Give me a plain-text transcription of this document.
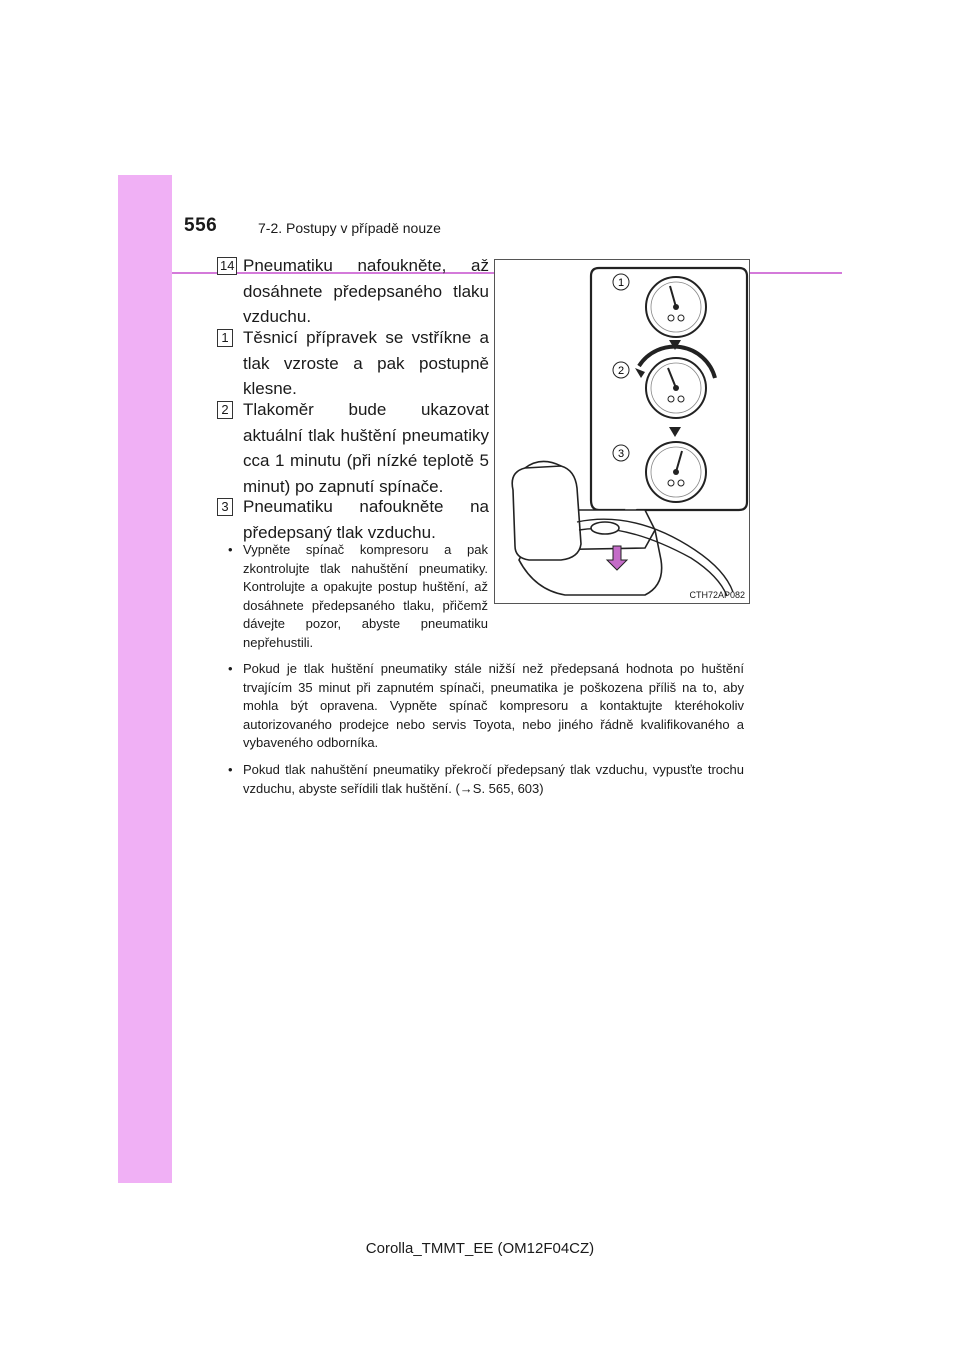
556	7-2. Postupy v případě nouze
14 Pneumatiku nafoukněte, až dosáhnete předepsaného tlaku vzduchu.
1 Těsnicí přípravek se vstříkne a tlak vzroste a pak postupně klesne.
2 Tlakoměr bude ukazovat aktuální tlak huštění pneumatiky cca 1 minutu (při nízké teplotě 5 minut) po zapnutí spínače.
3 Pneumatiku nafoukněte na předepsaný tlak vzduchu.
• Vypněte spínač kompresoru a pak zkontrolujte tlak nahuštění pneumatiky. Kontrolujte a opakujte postup huštění, až dosáhnete předepsaného tlaku, přičemž dávejte pozor, abyste pneumatiku nepřehustili.
• Pokud je tlak huštění pneumatiky stále nižší než předepsaná hodnota po huštění trvajícím 35 minut při zapnutém spínači, pneumatika je poškozena příliš na to, aby mohla být opravena. Vypněte spínač kompresoru a kontaktujte kteréhokoliv autorizovaného prodejce nebo servis Toyota, nebo jiného řádně kvalifikovaného a vybaveného odborníka.
• Pokud tlak nahuštění pneumatiky překročí předepsaný tlak vzduchu, vypusťte trochu vzduchu, abyste seřídili tlak huštění. (→S. 565, 603)
1
2
3
CTH72AP082
Corolla_TMMT_EE (OM12F04CZ)
